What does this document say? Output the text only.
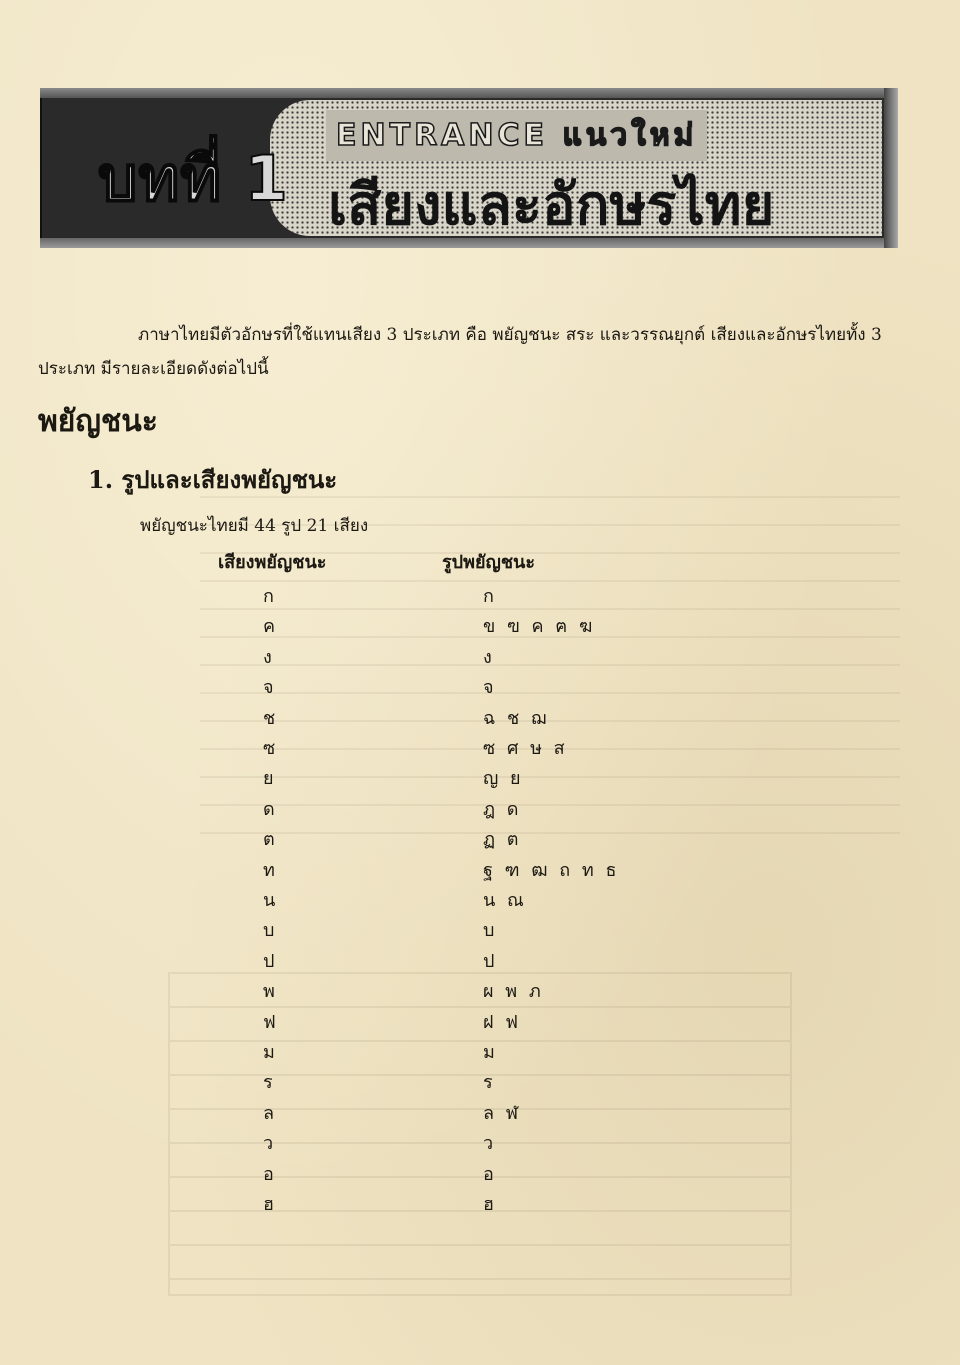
ENTRANCE แนวใหม่
บทที่ 1 เสียงและอักษรไทย

ภาษาไทยมีตัวอักษรที่ใช้แทนเสียง 3 ประเภท คือ พยัญชนะ สระ และวรรณยุกต์ เสียงและอักษรไทยทั้ง 3 ประเภท มีรายละเอียดดังต่อไปนี้

พยัญชนะ
1. รูปและเสียงพยัญชนะ
พยัญชนะไทยมี 44 รูป 21 เสียง
เสียงพยัญชนะ	รูปพยัญชนะ
ก	ก
ค	ข ฃ ค ฅ ฆ
ง	ง
จ	จ
ช	ฉ ช ฌ
ซ	ซ ศ ษ ส
ย	ญ ย
ด	ฎ ด
ต	ฏ ต
ท	ฐ ฑ ฒ ถ ท ธ
น	น ณ
บ	บ
ป	ป
พ	ผ พ ภ
ฟ	ฝ ฟ
ม	ม
ร	ร
ล	ล ฬ
ว	ว
อ	อ
ฮ	ฮ
